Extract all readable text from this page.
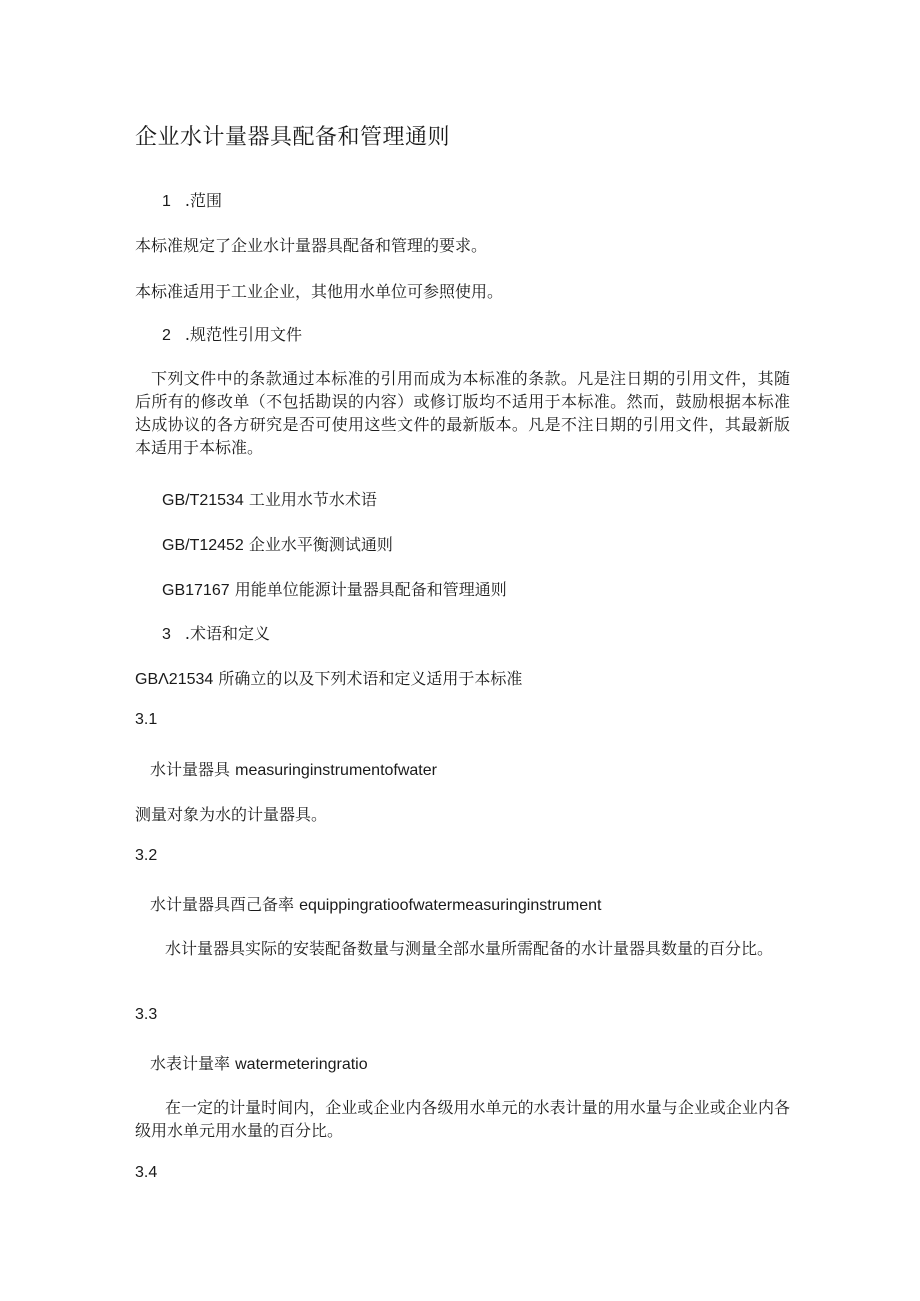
企业水计量器具配备和管理通则
1 .范围
本标准规定了企业水计量器具配备和管理的要求。
本标准适用于工业企业，其他用水单位可参照使用。
2 .规范性引用文件
下列文件中的条款通过本标准的引用而成为本标准的条款。凡是注日期的引用文件，其随后所有的修改单（不包括勘误的内容）或修订版均不适用于本标准。然而，鼓励根据本标准达成协议的各方研究是否可使用这些文件的最新版本。凡是不注日期的引用文件，其最新版本适用于本标准。
GB/T21534 工业用水节水术语
GB/T12452 企业水平衡测试通则
GB17167 用能单位能源计量器具配备和管理通则
3 .术语和定义
GBΛ21534 所确立的以及下列术语和定义适用于本标准
3.1
水计量器具 measuringinstrumentofwater
测量对象为水的计量器具。
3.2
水计量器具酉己备率 equippingratioofwatermeasuringinstrument
水计量器具实际的安装配备数量与测量全部水量所需配备的水计量器具数量的百分比。
3.3
水表计量率 watermeteringratio
在一定的计量时间内，企业或企业内各级用水单元的水表计量的用水量与企业或企业内各级用水单元用水量的百分比。
3.4
